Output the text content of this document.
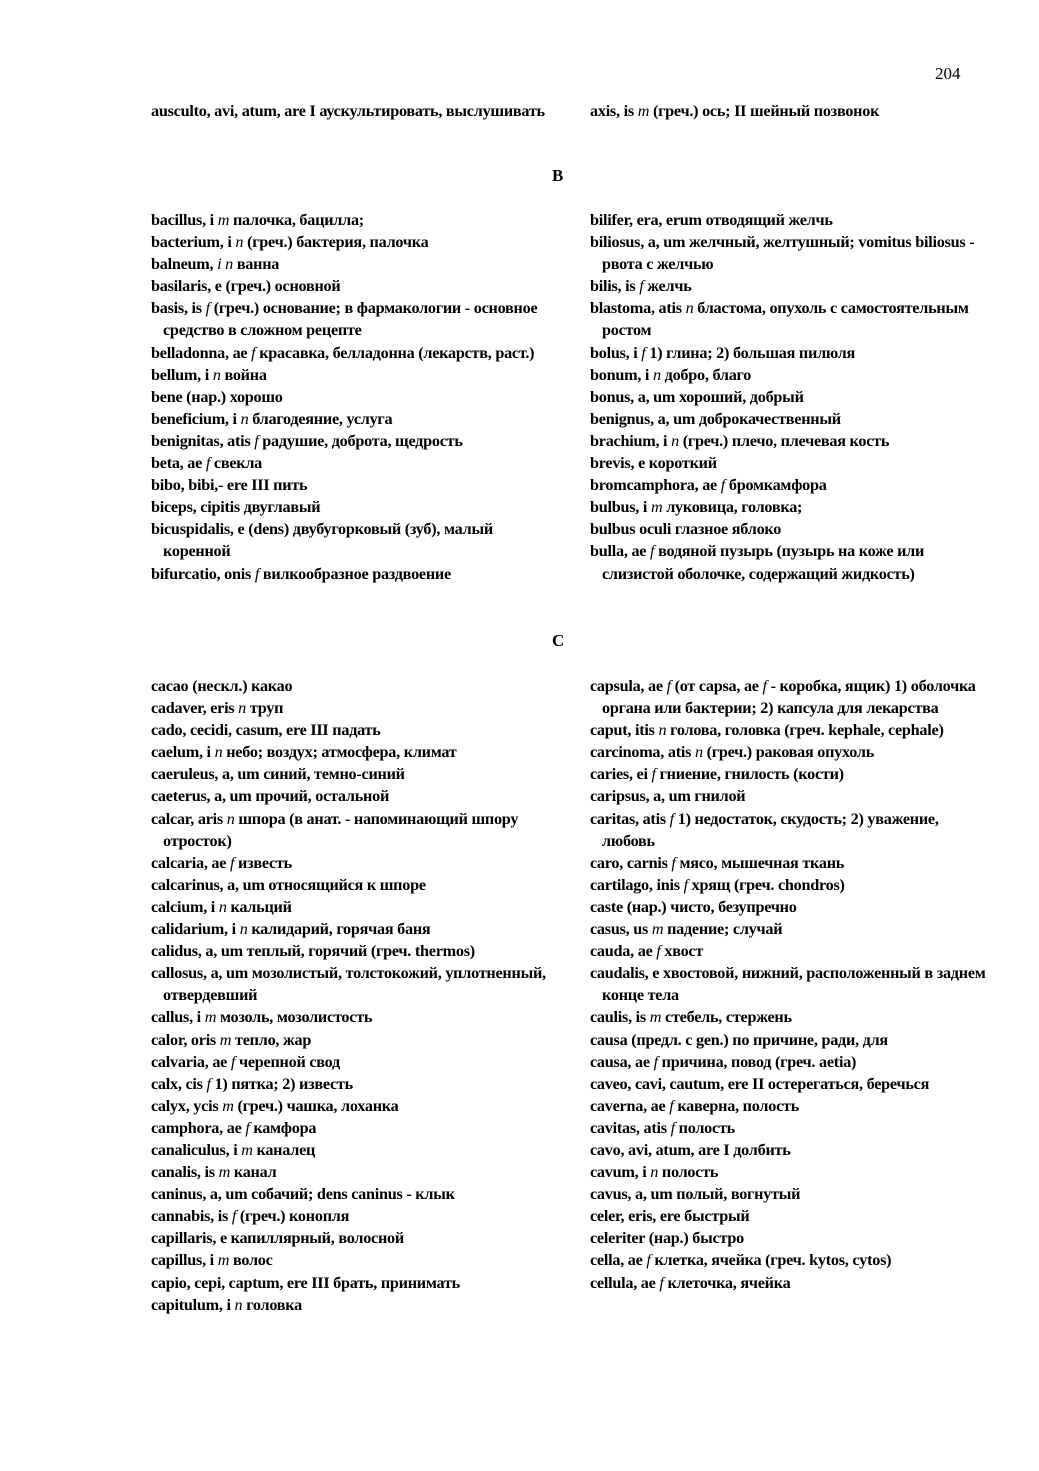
204

ausculto, avi, atum, are I аускультировать, выслушивать	axis, is m (греч.) ось; II шейный позвонок

B

bacillus, i m палочка, бацилла;

bacterium, i n (греч.) бактерия, палочка

balneum, i n ванна

basilaris, e (греч.) основной

basis, is f (греч.) основание; в фармакологии - основное средство в сложном рецепте

belladonna, ae f красавка, белладонна (лекарств, раст.)

bellum, i n война

bene (нар.) хорошо

beneficium, i n благодеяние, услуга

benignitas, atis f радушие, доброта, щедрость

beta, ae f свекла

bibo, bibi,- ere III пить

biceps, cipitis двуглавый

bicuspidalis, e (dens) двубугорковый (зуб), малый коренной

bifurcatio, onis f вилкообразное раздвоение

bilifer, era, erum отводящий желчь

biliosus, a, um желчный, желтушный; vomitus biliosus - рвота с желчью

bilis, is f желчь

blastoma, atis n бластома, опухоль с самостоятельным ростом

bolus, i f 1) глина; 2) большая пилюля

bonum, i n добро, благо

bonus, a, um хороший, добрый

benignus, a, um доброкачественный

brachium, i n (греч.) плечо, плечевая кость

brevis, e короткий

bromcamphora, ae f бромкамфора

bulbus, i m луковица, головка;

bulbus oculi глазное яблоко

bulla, ae f водяной пузырь (пузырь на коже или слизистой оболочке, содержащий жидкость)

C

cacao (нескл.) какао

cadaver, eris n труп

cado, cecidi, casum, ere III падать

caelum, i n небо; воздух; атмосфера, климат

caeruleus, a, um синий, темно-синий

caeterus, a, um прочий, остальной

calcar, aris n шпора (в анат. - напоминающий шпору отросток)

calcaria, ae f известь

calcarinus, a, um относящийся к шпоре

calcium, i n кальций

calidarium, i n калидарий, горячая баня

calidus, a, um теплый, горячий (греч. thermos)

callosus, a, um мозолистый, толстокожий, уплотненный, отвердевший

callus, i m мозоль, мозолистость

calor, oris m тепло, жар

calvaria, ae f черепной свод

calx, cis f 1) пятка; 2) известь

calyx, ycis m (греч.) чашка, лоханка

camphora, ae f камфора

canaliculus, i m каналец

canalis, is m канал

caninus, a, um собачий; dens caninus - клык

cannabis, is f (греч.) конопля

capillaris, e капиллярный, волосной

capillus, i m волос

capio, cepi, captum, ere III брать, принимать

capitulum, i n головка

capsula, ae f (от capsa, ae f - коробка, ящик) 1) оболочка органа или бактерии; 2) капсула для лекарства

caput, itis n голова, головка (греч. kephale, cephale)

carcinoma, atis n (греч.) раковая опухоль

caries, ei f гниение, гнилость (кости)

caripsus, a, um гнилой

caritas, atis f 1) недостаток, скудость; 2) уважение, любовь

caro, carnis f мясо, мышечная ткань

cartilago, inis f хрящ (греч. chondros)

caste (нар.) чисто, безупречно

casus, us m падение; случай

cauda, ae f хвост

caudalis, e хвостовой, нижний, расположенный в заднем конце тела

caulis, is m стебель, стержень

causa (предл. с gen.) по причине, ради, для

causa, ae f причина, повод (греч. aetia)

caveo, cavi, cautum, ere II остерегаться, беречься

caverna, ae f каверна, полость

cavitas, atis f полость

cavo, avi, atum, are I долбить

cavum, i n полость

cavus, a, um полый, вогнутый

celer, eris, ere быстрый

celeriter (нар.) быстро

cella, ae f клетка, ячейка (греч. kytos, cytos)

cellula, ae f клеточка, ячейка
